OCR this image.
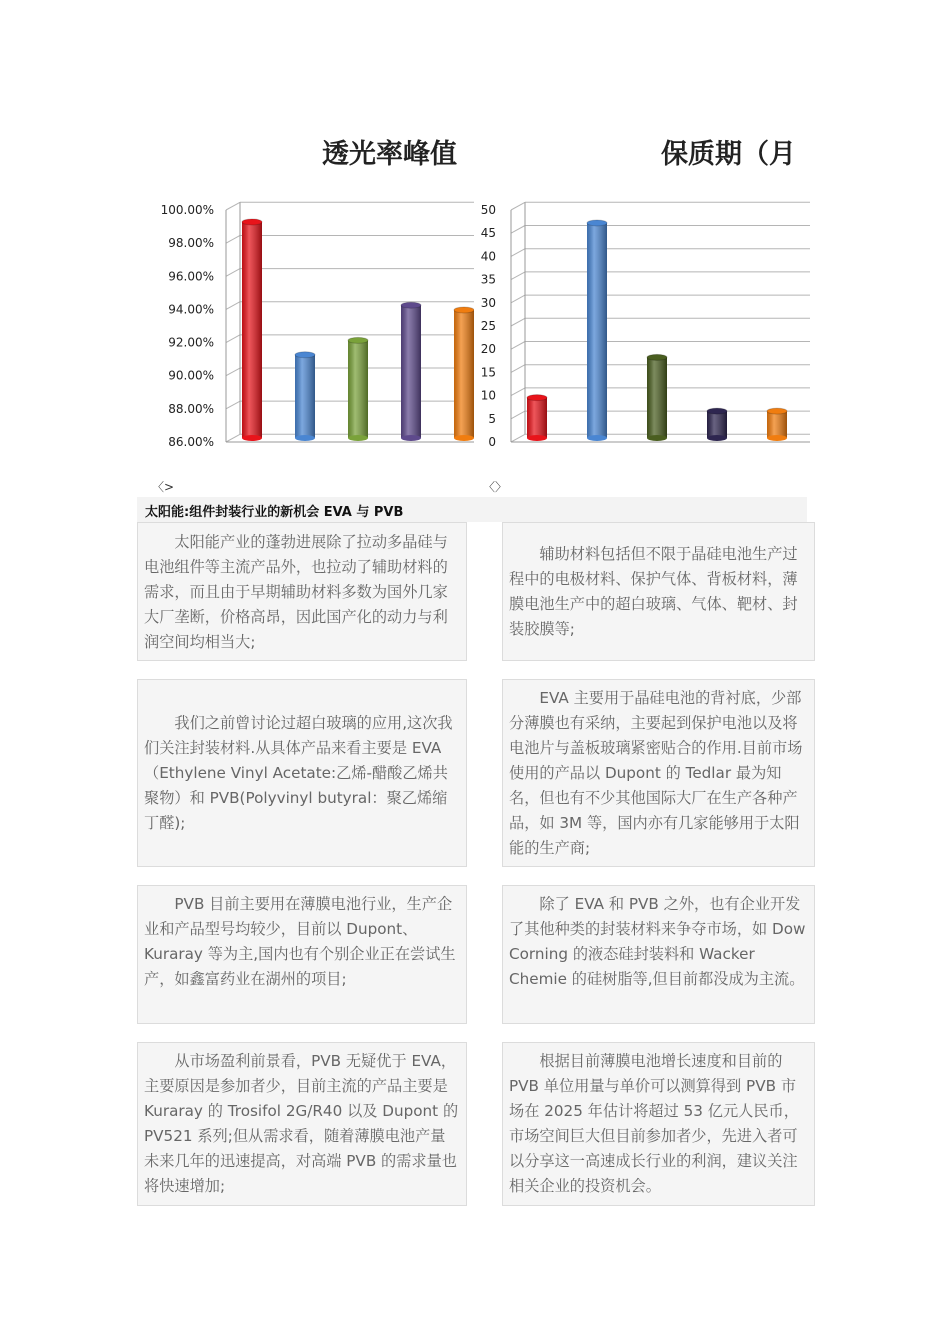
透光率峰值	保质期（月
100.00%
98.00%
96.00%
94.00%
92.00%
90.00%
88.00%
86.00%
50
45
40
35
30
25
20
15
10
5
0
〈>	〈〉
太阳能:组件封装行业的新机会 EVA 与 PVB
太阳能产业的蓬勃进展除了拉动多晶硅与电池组件等主流产品外，也拉动了辅助材料的需求，而且由于早期辅助材料多数为国外几家大厂垄断，价格高昂，因此国产化的动力与利润空间均相当大;
辅助材料包括但不限于晶硅电池生产过程中的电极材料、保护气体、背板材料，薄膜电池生产中的超白玻璃、气体、靶材、封装胶膜等;
我们之前曾讨论过超白玻璃的应用,这次我们关注封装材料.从具体产品来看主要是 EVA（Ethylene Vinyl Acetate:乙烯-醋酸乙烯共聚物）和 PVB(Polyvinyl butyral：聚乙烯缩丁醛);
EVA 主要用于晶硅电池的背衬底，少部分薄膜也有采纳，主要起到保护电池以及将电池片与盖板玻璃紧密贴合的作用.目前市场使用的产品以 Dupont 的 Tedlar 最为知名，但也有不少其他国际大厂在生产各种产品，如 3M 等，国内亦有几家能够用于太阳能的生产商;
PVB 目前主要用在薄膜电池行业，生产企业和产品型号均较少，目前以 Dupont、Kuraray 等为主,国内也有个别企业正在尝试生产，如鑫富药业在湖州的项目;
除了 EVA 和 PVB 之外，也有企业开发了其他种类的封装材料来争夺市场，如 Dow Corning 的液态硅封装料和 Wacker Chemie 的硅树脂等,但目前都没成为主流。
从市场盈利前景看，PVB 无疑优于 EVA，主要原因是参加者少，目前主流的产品主要是 Kuraray 的 Trosifol 2G/R40 以及 Dupont 的 PV521 系列;但从需求看，随着薄膜电池产量未来几年的迅速提高，对高端 PVB 的需求量也将快速增加;
根据目前薄膜电池增长速度和目前的 PVB 单位用量与单价可以测算得到 PVB 市场在 2025 年估计将超过 53 亿元人民币，市场空间巨大但目前参加者少，先进入者可以分享这一高速成长行业的利润，建议关注相关企业的投资机会。
